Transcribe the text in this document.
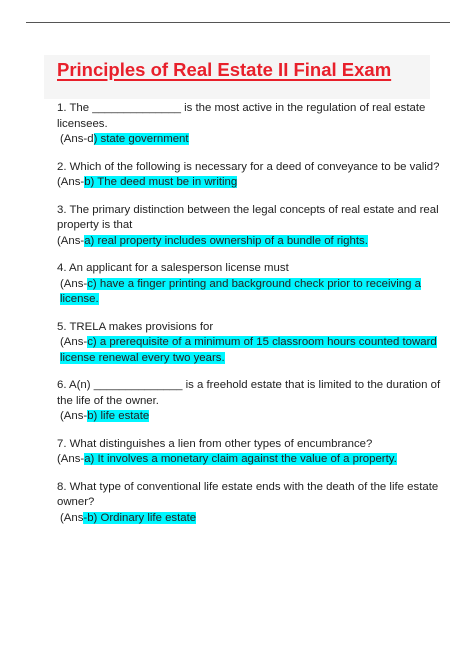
Principles of Real Estate II Final Exam
1. The ______________ is the most active in the regulation of real estate licensees.
(Ans-d) state government
2. Which of the following is necessary for a deed of conveyance to be valid?
(Ans-b) The deed must be in writing
3. The primary distinction between the legal concepts of real estate and real property is that
(Ans-a) real property includes ownership of a bundle of rights.
4. An applicant for a salesperson license must
(Ans-c) have a finger printing and background check prior to receiving a license.
5. TRELA makes provisions for
(Ans-c) a prerequisite of a minimum of 15 classroom hours counted toward license renewal every two years.
6. A(n) ______________ is a freehold estate that is limited to the duration of the life of the owner.
(Ans-b) life estate
7. What distinguishes a lien from other types of encumbrance?
(Ans-a) It involves a monetary claim against the value of a property.
8. What type of conventional life estate ends with the death of the life estate owner?
(Ans-b) Ordinary life estate
